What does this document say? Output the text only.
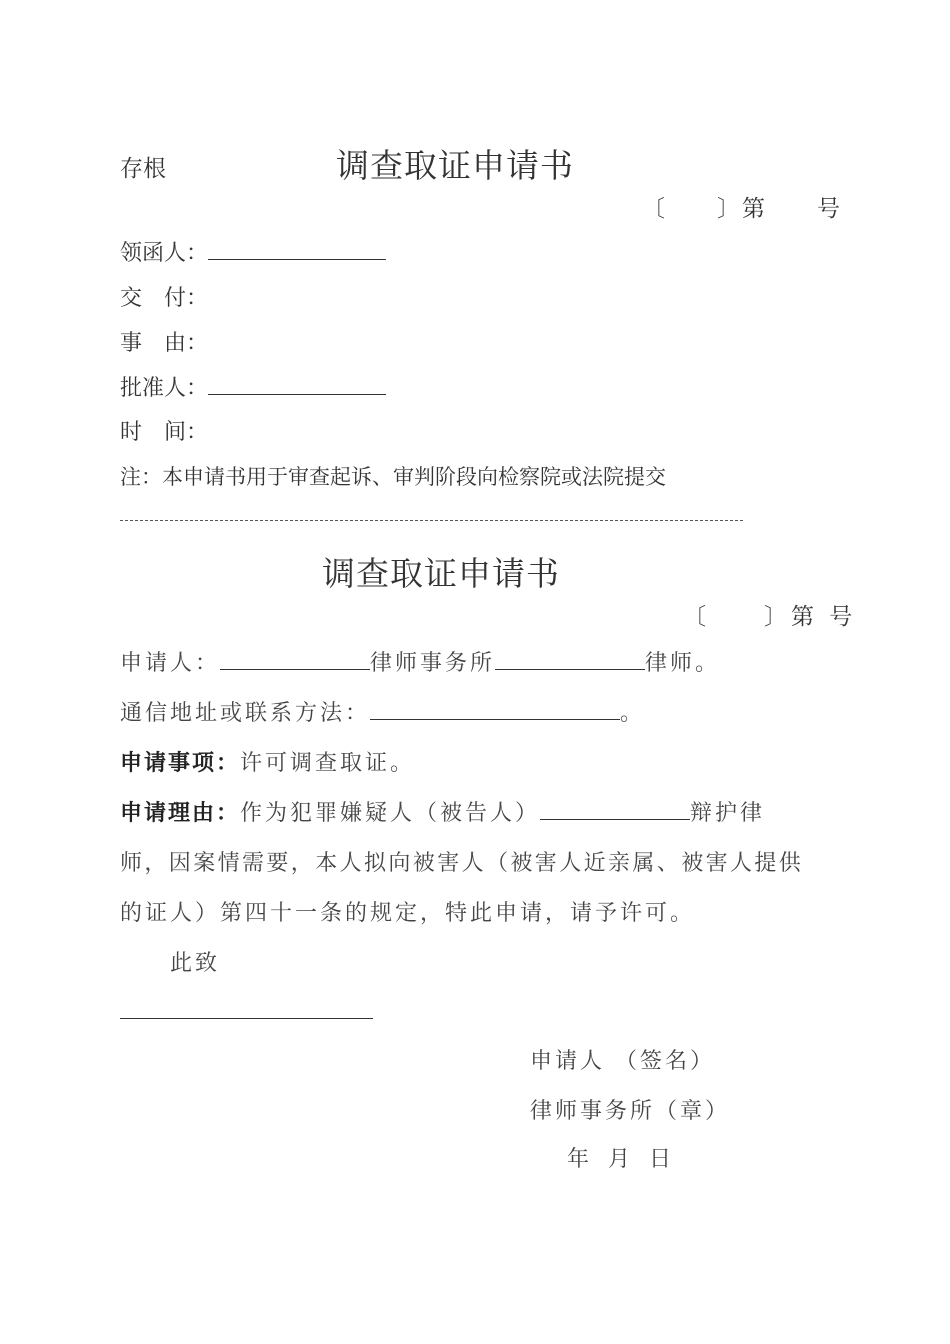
存根	调查取证申请书
〔　　〕第　　号
领函人：
交　付：
事　由：
批准人：
时　间：
注：本申请书用于审查起诉、审判阶段向检察院或法院提交
调查取证申请书
〔　　〕第 号
申请人：	律师事务所	律师。
通信地址或联系方法：	。
申请事项：许可调查取证。
申请理由：作为犯罪嫌疑人（被告人）	辩护律
师，因案情需要，本人拟向被害人（被害人近亲属、被害人提供
的证人）第四十一条的规定，特此申请，请予许可。
此致
申请人 （签名）
律师事务所（章）
年 月 日
